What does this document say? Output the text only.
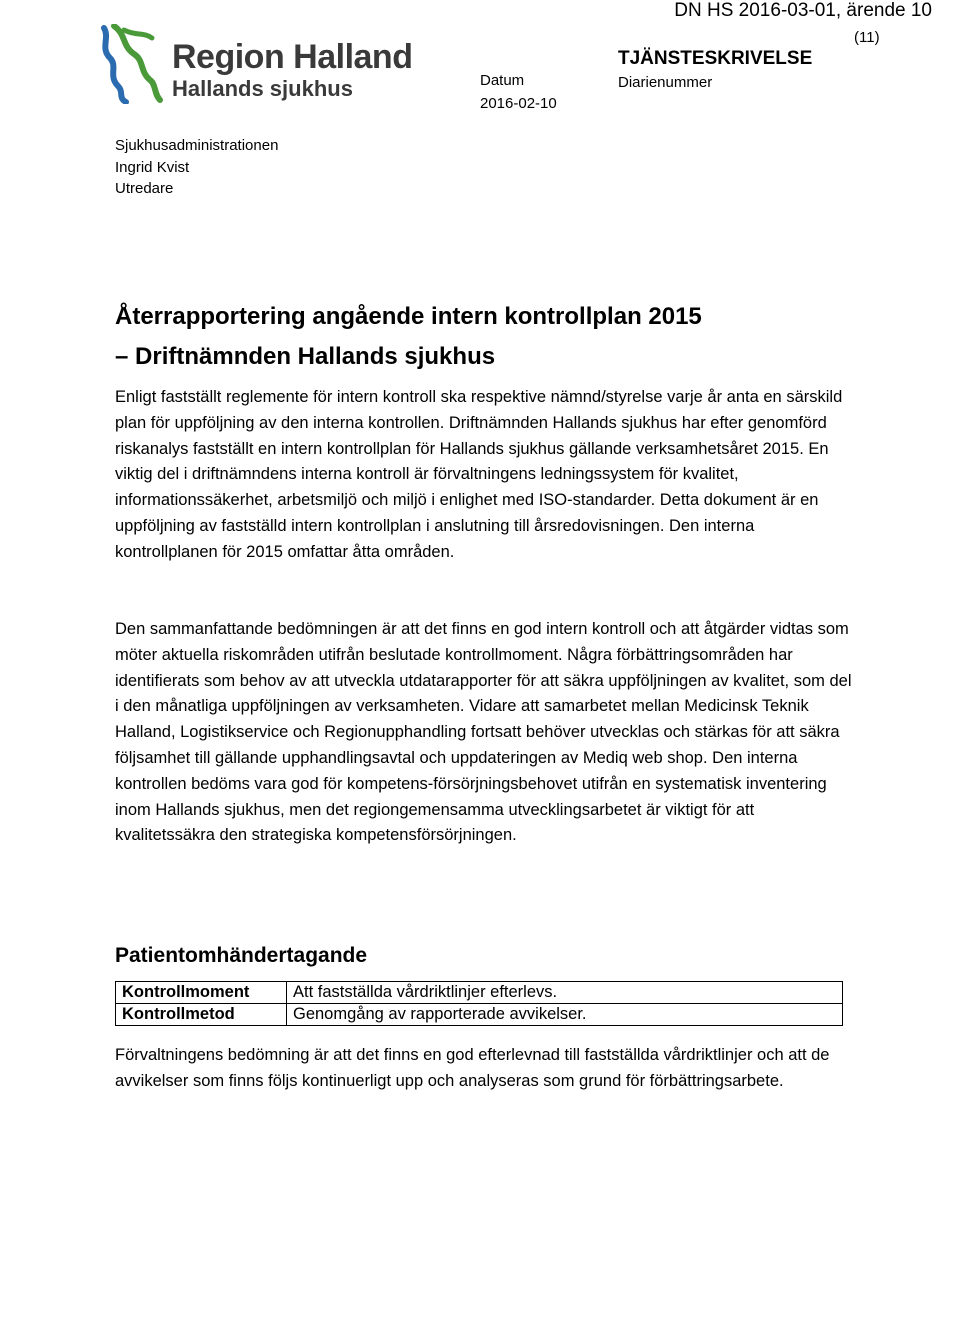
DN HS 2016-03-01, ärende 10
(11)
Region Halland
Hallands sjukhus	Datum
2016-02-10
TJÄNSTESKRIVELSE
Diarienummer
Sjukhusadministrationen
Ingrid Kvist
Utredare
Återrapportering angående intern kontrollplan 2015
– Driftnämnden Hallands sjukhus
Enligt fastställt reglemente för intern kontroll ska respektive nämnd/styrelse varje år anta en särskild plan för uppföljning av den interna kontrollen. Driftnämnden Hallands sjukhus har efter genomförd riskanalys fastställt en intern kontrollplan för Hallands sjukhus gällande verksamhetsåret 2015. En viktig del i driftnämndens interna kontroll är förvaltningens ledningssystem för kvalitet, informationssäkerhet, arbetsmiljö och miljö i enlighet med ISO-standarder. Detta dokument är en uppföljning av fastställd intern kontrollplan i anslutning till årsredovisningen. Den interna kontrollplanen för 2015 omfattar åtta områden.
Den sammanfattande bedömningen är att det finns en god intern kontroll och att åtgärder vidtas som möter aktuella riskområden utifrån beslutade kontrollmoment. Några förbättringsområden har identifierats som behov av att utveckla utdatarapporter för att säkra uppföljningen av kvalitet, som del i den månatliga uppföljningen av verksamheten. Vidare att samarbetet mellan Medicinsk Teknik Halland, Logistikservice och Regionupphandling fortsatt behöver utvecklas och stärkas för att säkra följsamhet till gällande upphandlingsavtal och uppdateringen av Mediq web shop. Den interna kontrollen bedöms vara god för kompetens-försörjningsbehovet utifrån en systematisk inventering inom Hallands sjukhus, men det regiongemensamma utvecklingsarbetet är viktigt för att kvalitetssäkra den strategiska kompetensförsörjningen.
Patientomhändertagande
Kontrollmoment	Att fastställda vårdriktlinjer efterlevs.
Kontrollmetod	Genomgång av rapporterade avvikelser.
Förvaltningens bedömning är att det finns en god efterlevnad till fastställda vårdriktlinjer och att de avvikelser som finns följs kontinuerligt upp och analyseras som grund för förbättringsarbete.
